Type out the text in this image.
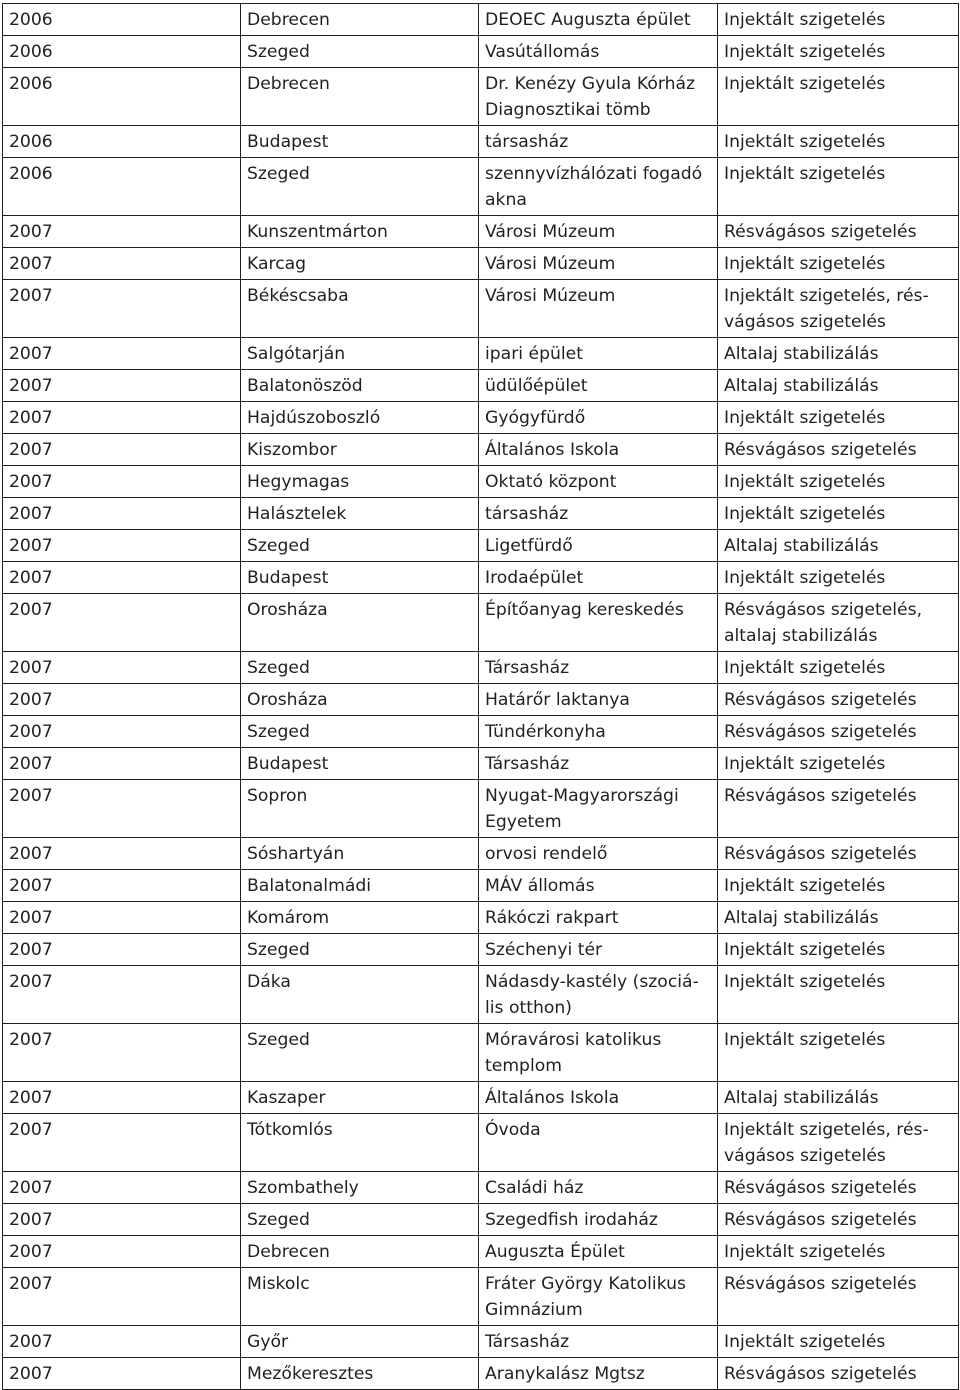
2006	Debrecen	DEOEC Auguszta épület	Injektált szigetelés

2006	Szeged	Vasútállomás	Injektált szigetelés

2006	Debrecen	Dr. Kenézy Gyula Kórház
Diagnosztikai tömb	Injektált szigetelés

2006	Budapest	társasház	Injektált szigetelés

2006	Szeged	szennyvízhálózati fogadó
akna	Injektált szigetelés

2007	Kunszentmárton	Városi Múzeum	Résvágásos szigetelés

2007	Karcag	Városi Múzeum	Injektált szigetelés

2007	Békéscsaba	Városi Múzeum	Injektált szigetelés, rés-
vágásos szigetelés

2007	Salgótarján	ipari épület	Altalaj stabilizálás

2007	Balatonöszöd	üdülőépület	Altalaj stabilizálás

2007	Hajdúszoboszló	Gyógyfürdő	Injektált szigetelés

2007	Kiszombor	Általános Iskola	Résvágásos szigetelés

2007	Hegymagas	Oktató központ	Injektált szigetelés

2007	Halásztelek	társasház	Injektált szigetelés

2007	Szeged	Ligetfürdő	Altalaj stabilizálás

2007	Budapest	Irodaépület	Injektált szigetelés

2007	Orosháza	Építőanyag kereskedés	Résvágásos szigetelés,
altalaj stabilizálás

2007	Szeged	Társasház	Injektált szigetelés

2007	Orosháza	Határőr laktanya	Résvágásos szigetelés

2007	Szeged	Tündérkonyha	Résvágásos szigetelés

2007	Budapest	Társasház	Injektált szigetelés

2007	Sopron	Nyugat-Magyarországi
Egyetem	Résvágásos szigetelés

2007	Sóshartyán	orvosi rendelő	Résvágásos szigetelés

2007	Balatonalmádi	MÁV állomás	Injektált szigetelés

2007	Komárom	Rákóczi rakpart	Altalaj stabilizálás

2007	Szeged	Széchenyi tér	Injektált szigetelés

2007	Dáka	Nádasdy-kastély (szociá-
lis otthon)	Injektált szigetelés

2007	Szeged	Móravárosi katolikus
templom	Injektált szigetelés

2007	Kaszaper	Általános Iskola	Altalaj stabilizálás

2007	Tótkomlós	Óvoda	Injektált szigetelés, rés-
vágásos szigetelés

2007	Szombathely	Családi ház	Résvágásos szigetelés

2007	Szeged	Szegedfish irodaház	Résvágásos szigetelés

2007	Debrecen	Auguszta Épület	Injektált szigetelés

2007	Miskolc	Fráter György Katolikus
Gimnázium	Résvágásos szigetelés

2007	Győr	Társasház	Injektált szigetelés

2007	Mezőkeresztes	Aranykalász Mgtsz	Résvágásos szigetelés
